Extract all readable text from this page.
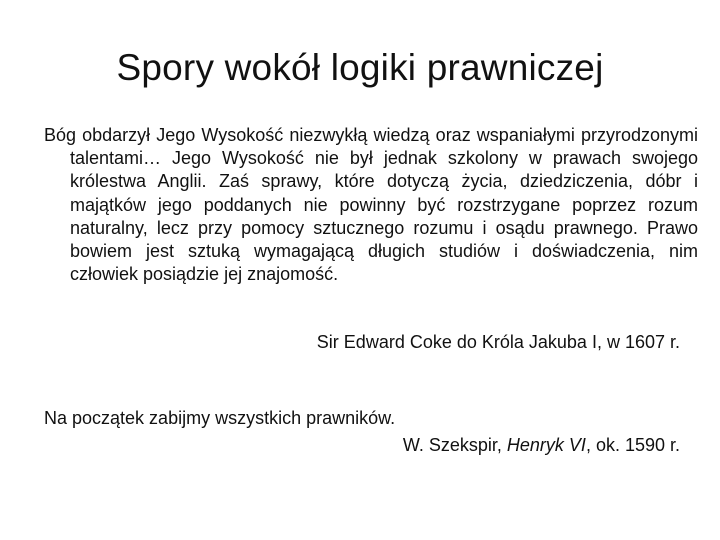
Spory wokół logiki prawniczej

Bóg obdarzył Jego Wysokość niezwykłą wiedzą oraz wspaniałymi przyrodzonymi talentami… Jego Wysokość nie był jednak szkolony w prawach swojego królestwa Anglii. Zaś sprawy, które dotyczą życia, dziedziczenia, dóbr i majątków jego poddanych nie powinny być rozstrzygane poprzez rozum naturalny, lecz przy pomocy sztucznego rozumu i osądu prawnego. Prawo bowiem jest sztuką wymagającą długich studiów i doświadczenia, nim człowiek posiądzie jej znajomość.

Sir Edward Coke do Króla Jakuba I, w 1607 r.

Na początek zabijmy wszystkich prawników.

W. Szekspir, Henryk VI, ok. 1590 r.
